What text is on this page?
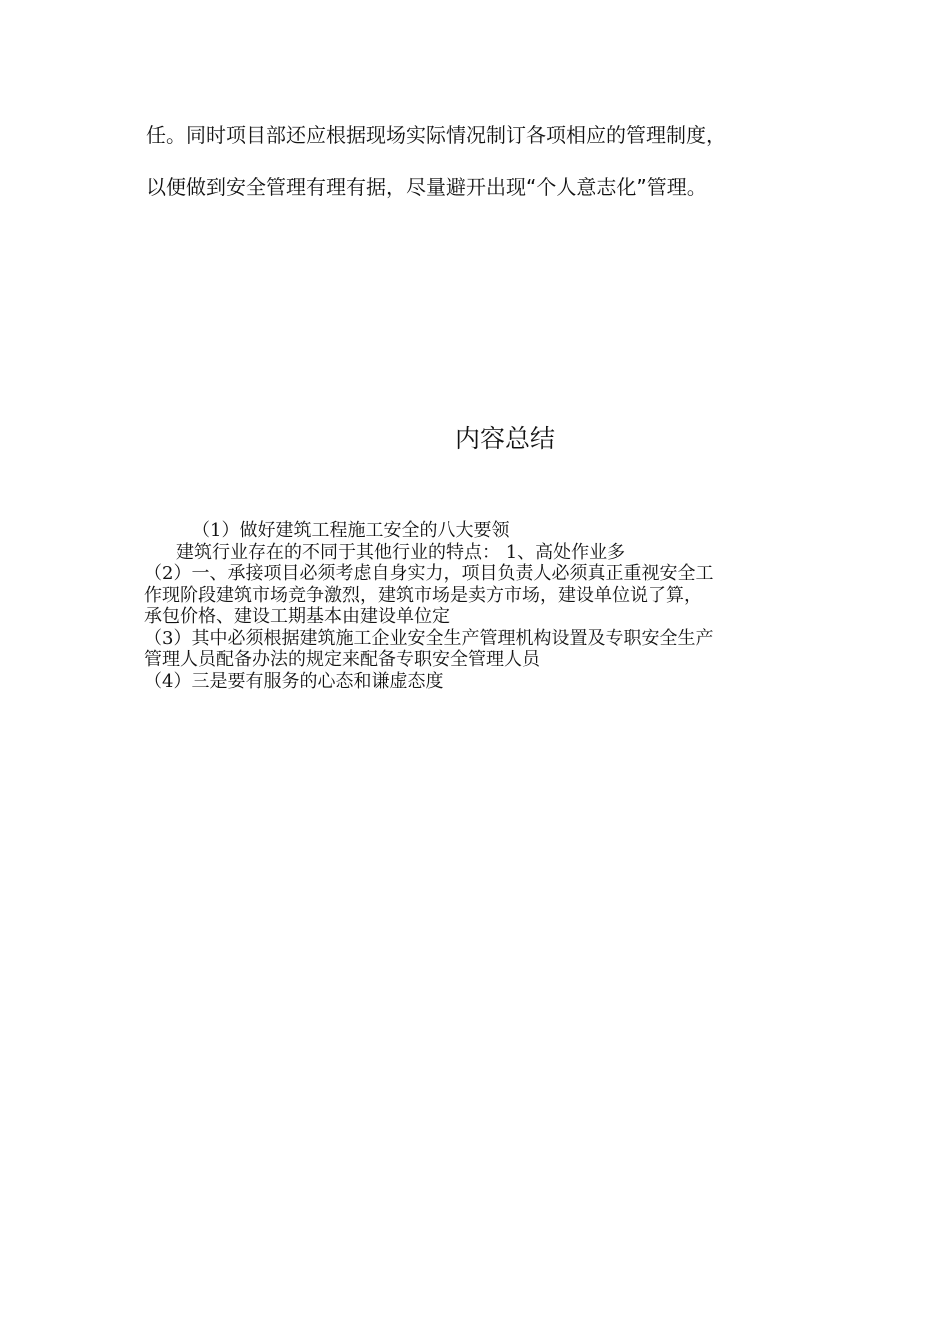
任。同时项目部还应根据现场实际情况制订各项相应的管理制度，

以便做到安全管理有理有据，尽量避开出现“个人意志化”管理。

内容总结

（1）做好建筑工程施工安全的八大要领

建筑行业存在的不同于其他行业的特点： 1、高处作业多

（2）一、承接项目必须考虑自身实力，项目负责人必须真正重视安全工

作现阶段建筑市场竞争激烈，建筑市场是卖方市场，建设单位说了算，

承包价格、建设工期基本由建设单位定

（3）其中必须根据建筑施工企业安全生产管理机构设置及专职安全生产

管理人员配备办法的规定来配备专职安全管理人员

（4）三是要有服务的心态和谦虚态度
